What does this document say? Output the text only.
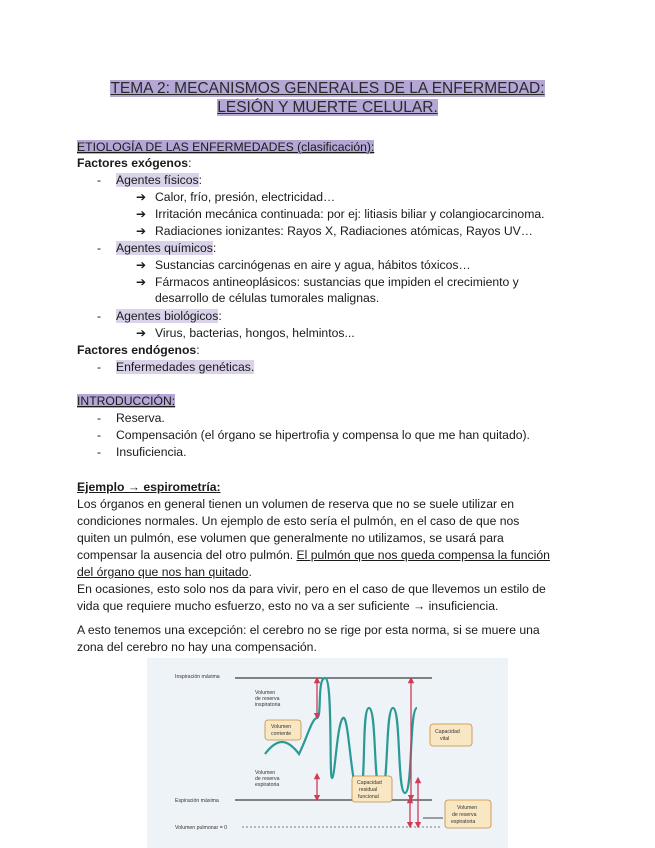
TEMA 2: MECANISMOS GENERALES DE LA ENFERMEDAD:
LESIÓN Y MUERTE CELULAR.
ETIOLOGÍA DE LAS ENFERMEDADES (clasificación):
Factores exógenos:
- Agentes físicos:
➔ Calor, frío, presión, electricidad…
➔ Irritación mecánica continuada: por ej: litiasis biliar y colangiocarcinoma.
➔ Radiaciones ionizantes: Rayos X, Radiaciones atómicas, Rayos UV…
- Agentes químicos:
➔ Sustancias carcinógenas en aire y agua, hábitos tóxicos…
➔ Fármacos antineoplásicos: sustancias que impiden el crecimiento y
desarrollo de células tumorales malignas.
- Agentes biológicos:
➔ Virus, bacterias, hongos, helmintos...
Factores endógenos:
- Enfermedades genéticas.
INTRODUCCIÓN:
- Reserva.
- Compensación (el órgano se hipertrofia y compensa lo que me han quitado).
- Insuficiencia.
Ejemplo → espirometría:
Los órganos en general tienen un volumen de reserva que no se suele utilizar en
condiciones normales. Un ejemplo de esto sería el pulmón, en el caso de que nos
quiten un pulmón, ese volumen que generalmente no utilizamos, se usará para
compensar la ausencia del otro pulmón. El pulmón que nos queda compensa la función
del órgano que nos han quitado.
En ocasiones, esto solo nos da para vivir, pero en el caso de que llevemos un estilo de
vida que requiere mucho esfuerzo, esto no va a ser suficiente → insuficiencia.
A esto tenemos una excepción: el cerebro no se rige por esta norma, si se muere una
zona del cerebro no hay una compensación.
Inspiración máxima
Volumen
de reserva
inspiratoria
Volumen
corriente	Capacidad
vital
Volumen
de reserva
espiratoria	Capacidad
residual
funcional
Espiración máxima
Volumen pulmonar = 0
Volumen
de reserva
espiratoria
